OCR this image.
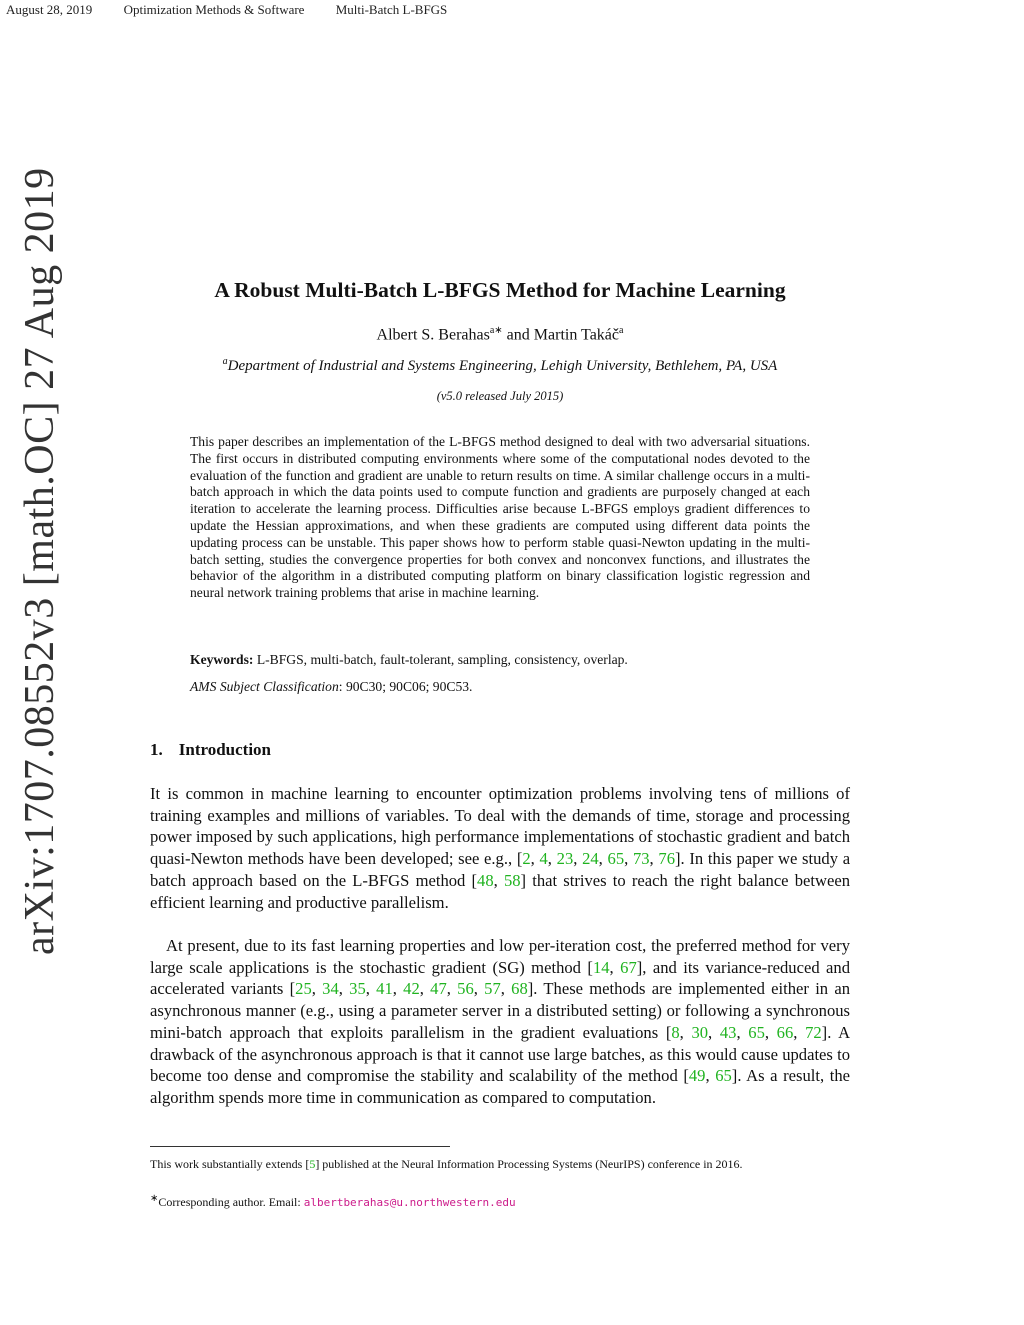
August 28, 2019 Optimization Methods & Software Multi-Batch L-BFGS
arXiv:1707.08552v3 [math.OC] 27 Aug 2019	A Robust Multi-Batch L-BFGS Method for Machine Learning
Albert S. Berahas$^{a∗}$ and Martin Takáč$^a$
$^a$Department of Industrial and Systems Engineering, Lehigh University, Bethlehem, PA, USA
(v5.0 released July 2015)

This paper describes an implementation of the L-BFGS method designed to deal with two adversarial situations. The first occurs in distributed computing environments where some of the computational nodes devoted to the evaluation of the function and gradient are unable to return results on time. A similar challenge occurs in a multi-batch approach in which the data points used to compute function and gradients are purposely changed at each iteration to accelerate the learning process. Difficulties arise because L-BFGS employs gradient differences to update the Hessian approximations, and when these gradients are computed using different data points the updating process can be unstable. This paper shows how to perform stable quasi-Newton updating in the multi-batch setting, studies the convergence properties for both convex and nonconvex functions, and illustrates the behavior of the algorithm in a distributed computing platform on binary classification logistic regression and neural network training problems that arise in machine learning.

Keywords: L-BFGS, multi-batch, fault-tolerant, sampling, consistency, overlap.
AMS Subject Classification: 90C30; 90C06; 90C53.
1. Introduction

It is common in machine learning to encounter optimization problems involving tens of millions of training examples and millions of variables. To deal with the demands of time, storage and processing power imposed by such applications, high performance implementations of stochastic gradient and batch quasi-Newton methods have been developed; see e.g., [2, 4, 23, 24, 65, 73, 76]. In this paper we study a batch approach based on the L-BFGS method [48, 58] that strives to reach the right balance between efficient learning and productive parallelism.

At present, due to its fast learning properties and low per-iteration cost, the preferred method for very large scale applications is the stochastic gradient (SG) method [14, 67], and its variance-reduced and accelerated variants [25, 34, 35, 41, 42, 47, 56, 57, 68]. These methods are implemented either in an asynchronous manner (e.g., using a parameter server in a distributed setting) or following a synchronous mini-batch approach that exploits parallelism in the gradient evaluations [8, 30, 43, 65, 66, 72]. A drawback of the asynchronous approach is that it cannot use large batches, as this would cause updates to become too dense and compromise the stability and scalability of the method [49, 65]. As a result, the algorithm spends more time in communication as compared to computation.

This work substantially extends [5] published at the Neural Information Processing Systems (NeurIPS) conference in 2016.

∗Corresponding author. Email: albertberahas@u.northwestern.edu
